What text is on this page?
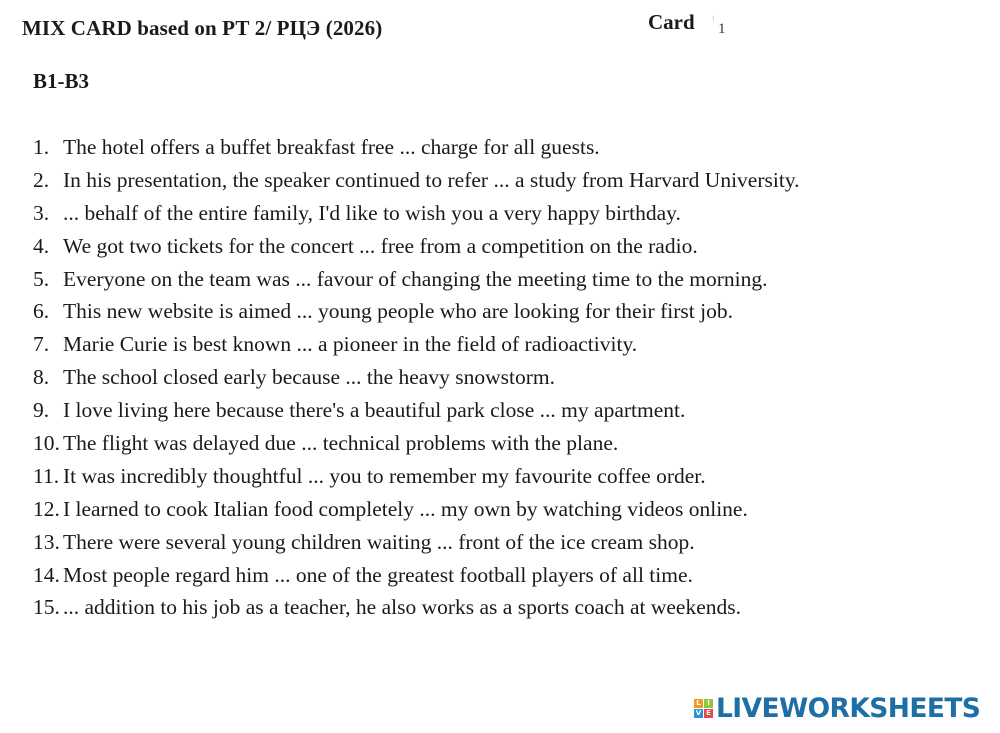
MIX CARD based on РТ 2/ РЦЭ (2026)	Card ⁝
1
B1-B3
1. The hotel offers a buffet breakfast free ... charge for all guests.
2. In his presentation, the speaker continued to refer ... a study from Harvard University.
3. ... behalf of the entire family, I'd like to wish you a very happy birthday.
4. We got two tickets for the concert ... free from a competition on the radio.
5. Everyone on the team was ... favour of changing the meeting time to the morning.
6. This new website is aimed ... young people who are looking for their first job.
7. Marie Curie is best known ... a pioneer in the field of radioactivity.
8. The school closed early because ... the heavy snowstorm.
9. I love living here because there's a beautiful park close ... my apartment.
10. The flight was delayed due ... technical problems with the plane.
11. It was incredibly thoughtful ... you to remember my favourite coffee order.
12. I learned to cook Italian food completely ... my own by watching videos online.
13. There were several young children waiting ... front of the ice cream shop.
14. Most people regard him ... one of the greatest football players of all time.
15. ... addition to his job as a teacher, he also works as a sports coach at weekends.
L I
V E LIVEWORKSHEETS
